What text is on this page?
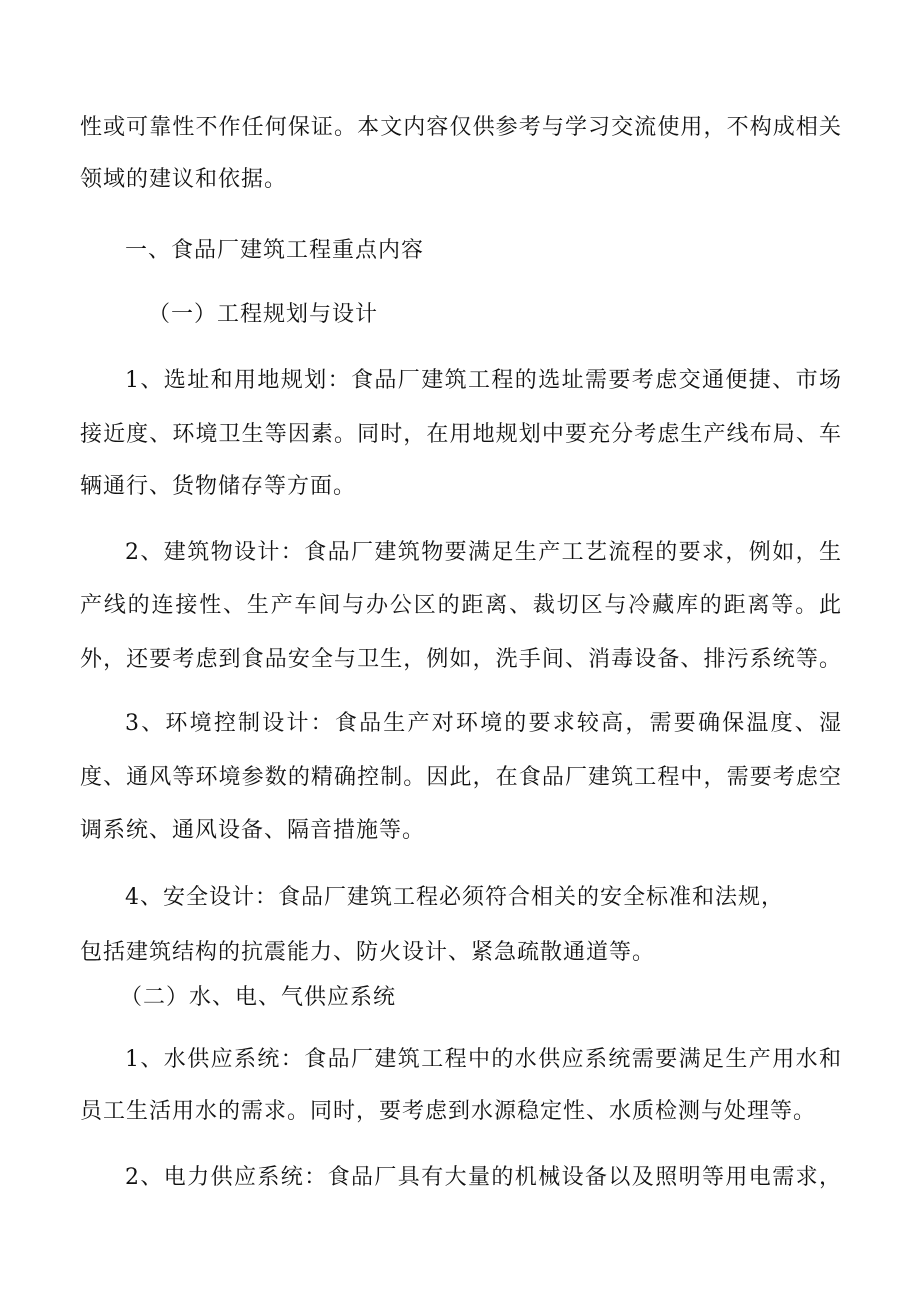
性或可靠性不作任何保证。本文内容仅供参考与学习交流使用，不构成相关

领域的建议和依据。

一、食品厂建筑工程重点内容

（一）工程规划与设计

1、选址和用地规划：食品厂建筑工程的选址需要考虑交通便捷、市场

接近度、环境卫生等因素。同时，在用地规划中要充分考虑生产线布局、车

辆通行、货物储存等方面。

2、建筑物设计：食品厂建筑物要满足生产工艺流程的要求，例如，生

产线的连接性、生产车间与办公区的距离、裁切区与冷藏库的距离等。此

外，还要考虑到食品安全与卫生，例如，洗手间、消毒设备、排污系统等。

3、环境控制设计：食品生产对环境的要求较高，需要确保温度、湿

度、通风等环境参数的精确控制。因此，在食品厂建筑工程中，需要考虑空

调系统、通风设备、隔音措施等。

4、安全设计：食品厂建筑工程必须符合相关的安全标准和法规，

包括建筑结构的抗震能力、防火设计、紧急疏散通道等。

（二）水、电、气供应系统

1、水供应系统：食品厂建筑工程中的水供应系统需要满足生产用水和

员工生活用水的需求。同时，要考虑到水源稳定性、水质检测与处理等。

2、电力供应系统：食品厂具有大量的机械设备以及照明等用电需求，
